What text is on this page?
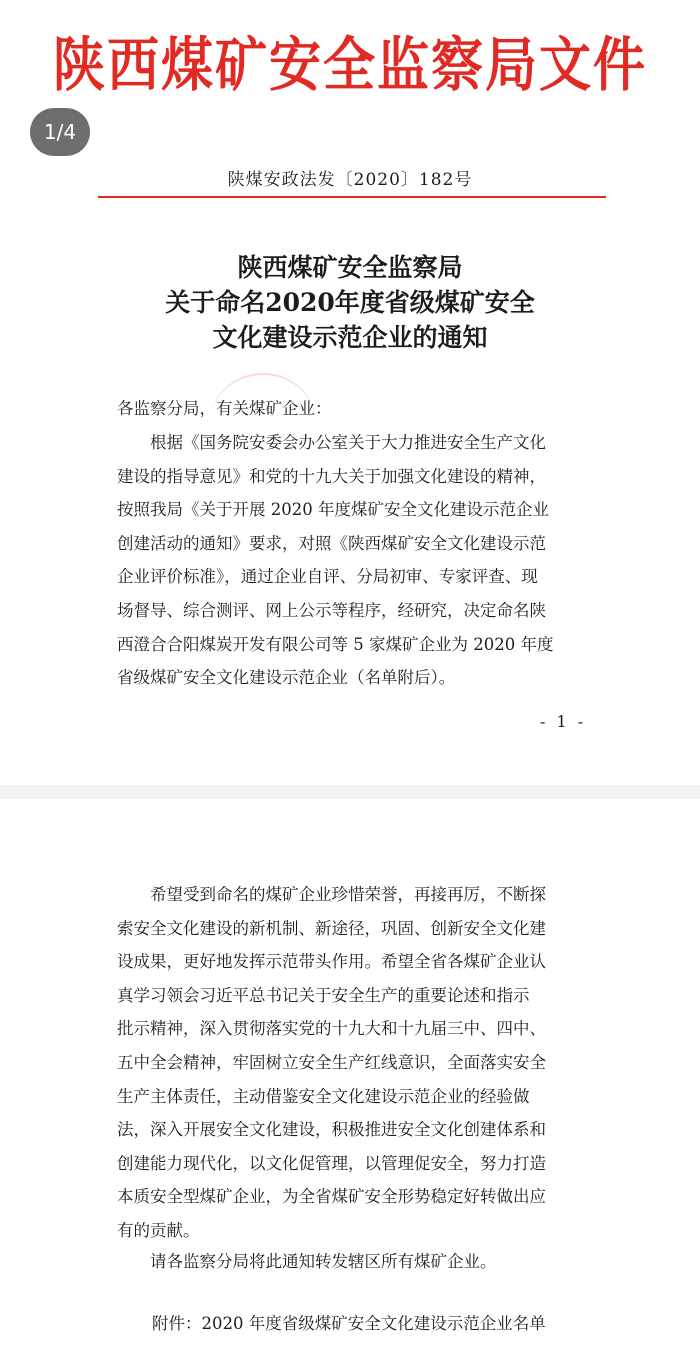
陕西煤矿安全监察局文件
1/4
陕煤安政法发〔2020〕182号
陕西煤矿安全监察局
关于命名2020年度省级煤矿安全
文化建设示范企业的通知
各监察分局，有关煤矿企业：
根据《国务院安委会办公室关于大力推进安全生产文化
建设的指导意见》和党的十九大关于加强文化建设的精神，
按照我局《关于开展 2020 年度煤矿安全文化建设示范企业
创建活动的通知》要求，对照《陕西煤矿安全文化建设示范
企业评价标准》，通过企业自评、分局初审、专家评查、现
场督导、综合测评、网上公示等程序，经研究，决定命名陕
西澄合合阳煤炭开发有限公司等 5 家煤矿企业为 2020 年度
省级煤矿安全文化建设示范企业（名单附后）。
- 1 -
希望受到命名的煤矿企业珍惜荣誉，再接再厉，不断探
索安全文化建设的新机制、新途径，巩固、创新安全文化建
设成果，更好地发挥示范带头作用。希望全省各煤矿企业认
真学习领会习近平总书记关于安全生产的重要论述和指示
批示精神，深入贯彻落实党的十九大和十九届三中、四中、
五中全会精神，牢固树立安全生产红线意识，全面落实安全
生产主体责任，主动借鉴安全文化建设示范企业的经验做
法，深入开展安全文化建设，积极推进安全文化创建体系和
创建能力现代化，以文化促管理，以管理促安全，努力打造
本质安全型煤矿企业，为全省煤矿安全形势稳定好转做出应
有的贡献。
请各监察分局将此通知转发辖区所有煤矿企业。
附件：2020 年度省级煤矿安全文化建设示范企业名单
